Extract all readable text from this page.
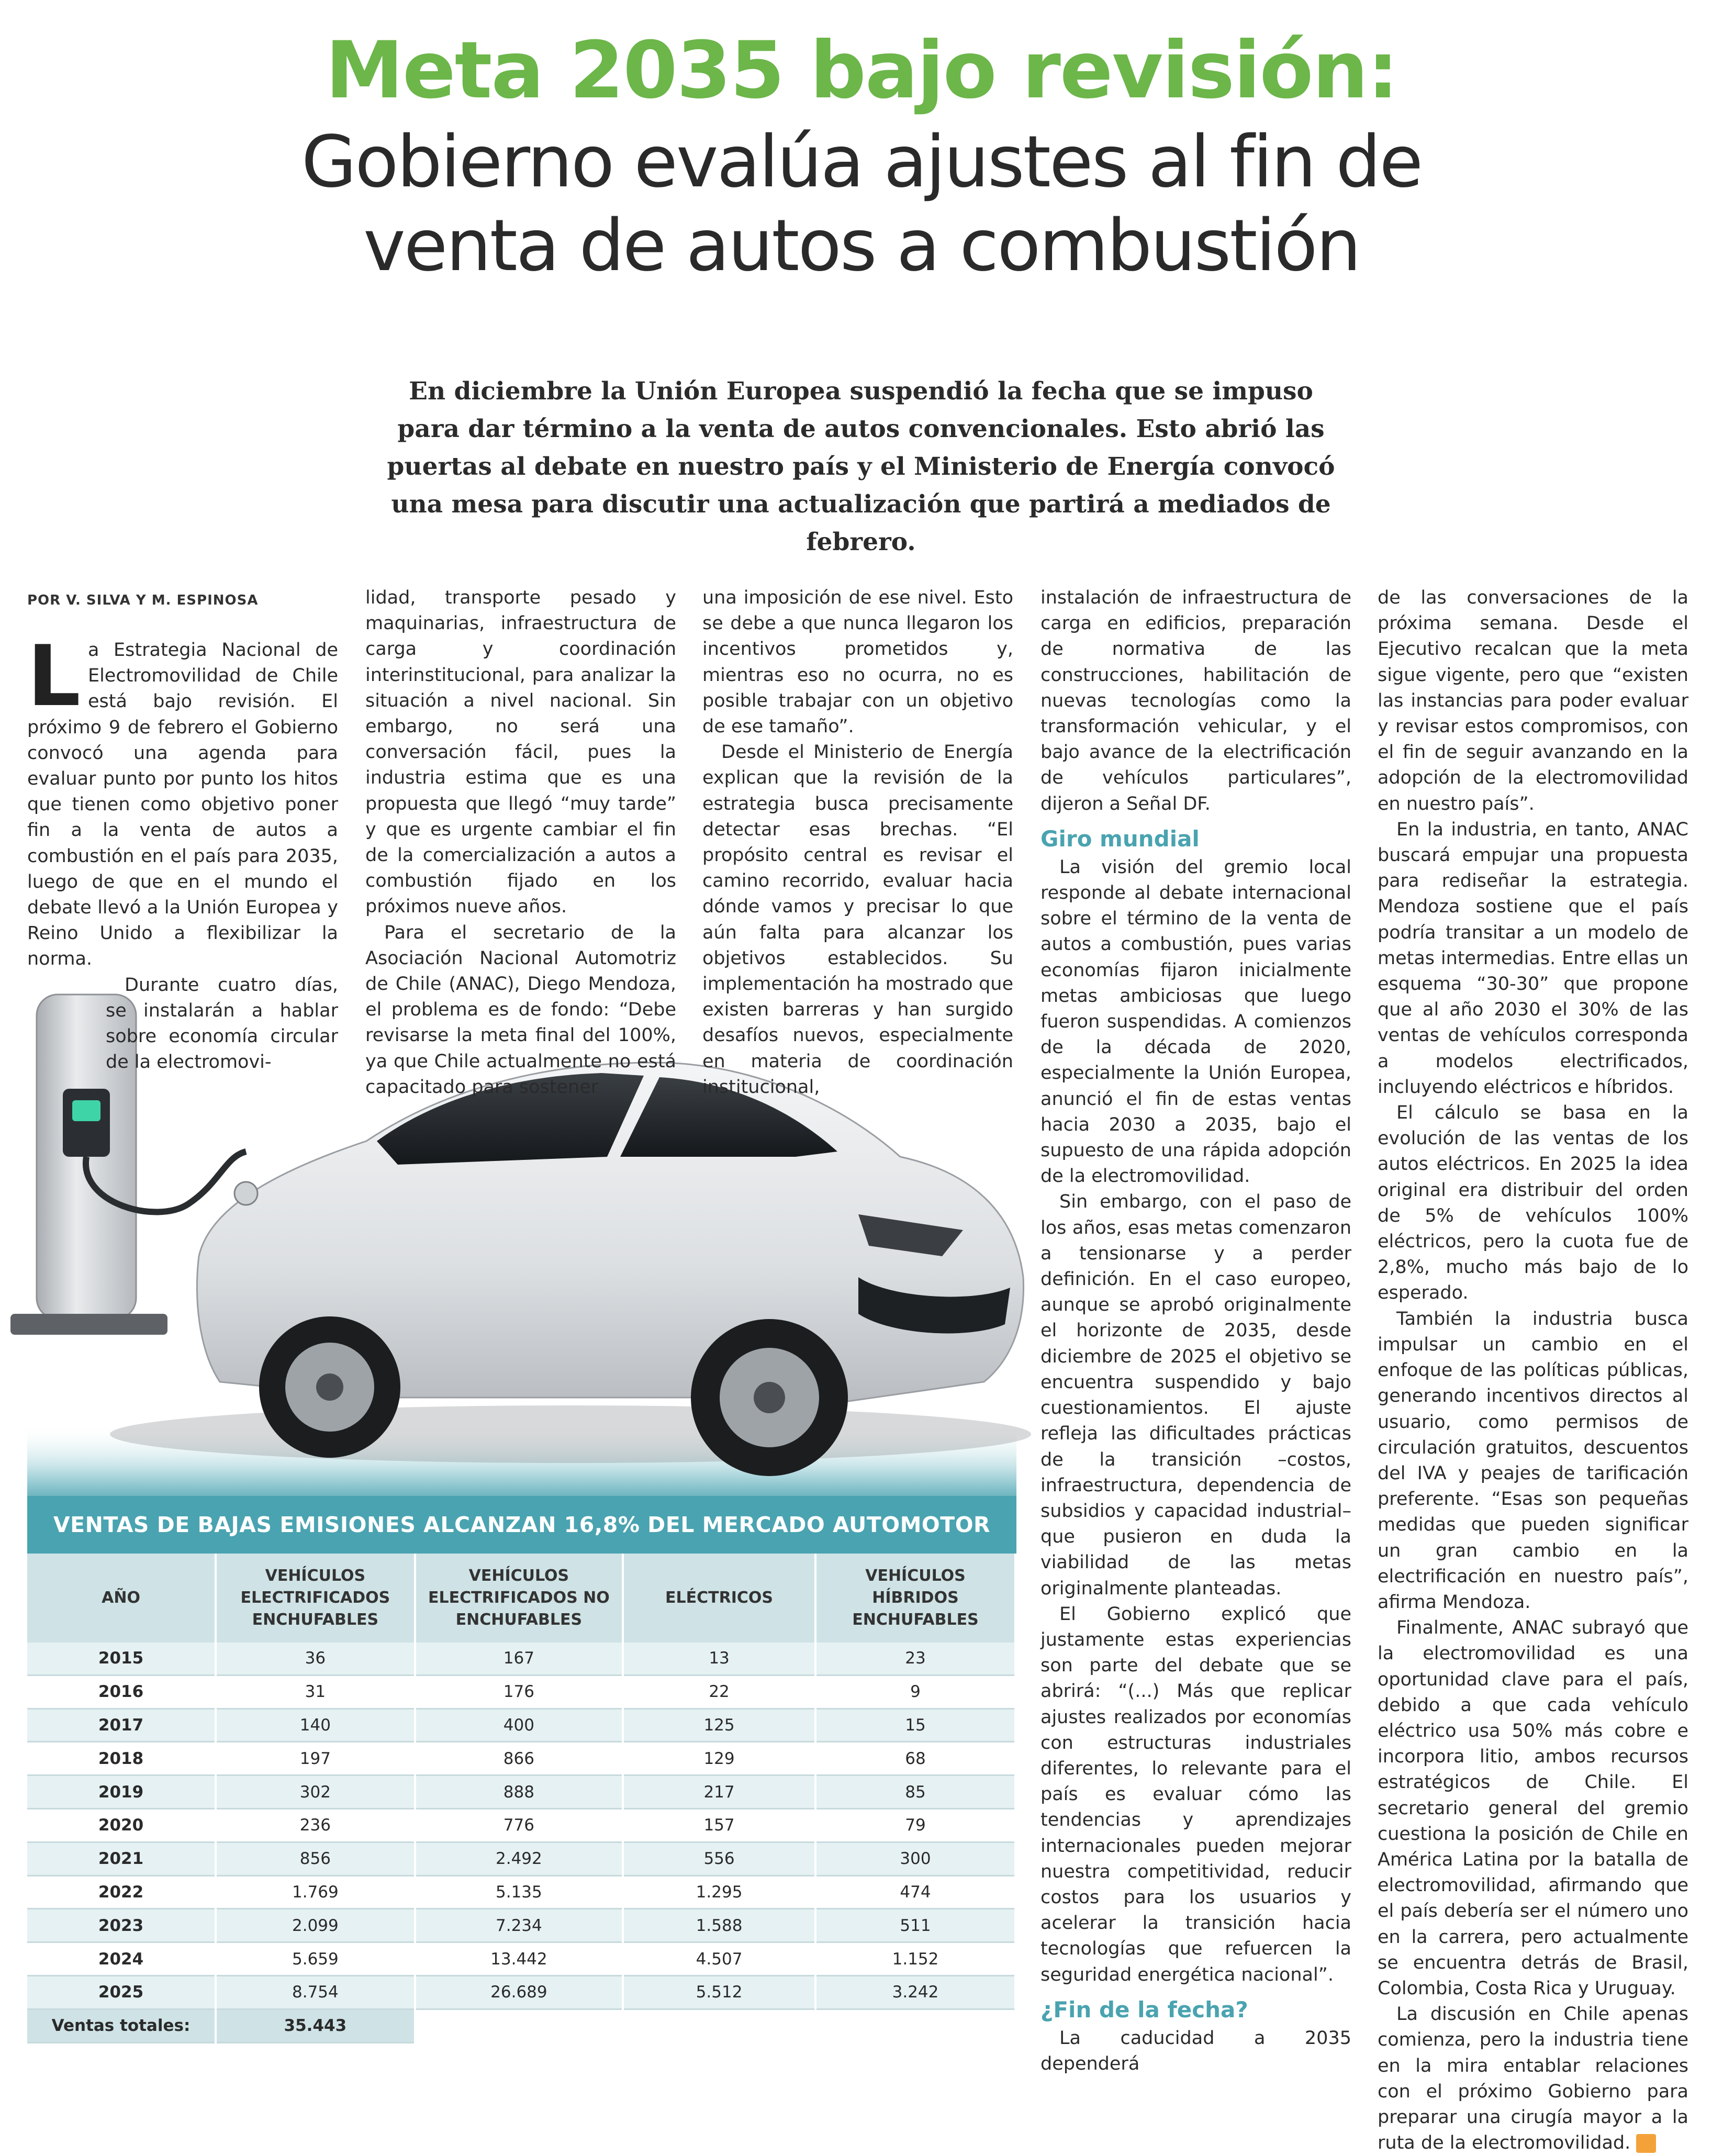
Meta 2035 bajo revisión:
Gobierno evalúa ajustes al fin de
venta de autos a combustión
En diciembre la Unión Europea suspendió la fecha que se impuso para dar término a la venta de autos convencionales. Esto abrió las puertas al debate en nuestro país y el Ministerio de Energía convocó una mesa para discutir una actualización que partirá a mediados de febrero.
POR V. SILVA Y M. ESPINOSA
L a Estrategia Nacional de Electromovilidad de Chile está bajo revisión. El próximo 9 de febrero el Gobierno convocó una agenda para evaluar punto por punto los hitos que tienen como objetivo poner fin a la venta de autos a combustión en el país para 2035, luego de que en el mundo el debate llevó a la Unión Europea y Reino Unido a flexibilizar la norma.

Durante cuatro días, se instalarán a hablar sobre economía circular de la electromovi-

lidad, transporte pesado y maquinarias, infraestructura de carga y coordinación interinstitucional, para analizar la situación a nivel nacional. Sin embargo, no será una conversación fácil, pues la industria estima que es una propuesta que llegó “muy tarde” y que es urgente cambiar el fin de la comercialización a autos a combustión fijado en los próximos nueve años.

Para el secretario de la Asociación Nacional Automotriz de Chile (ANAC), Diego Mendoza, el problema es de fondo: “Debe revisarse la meta final del 100%, ya que Chile actualmente no está capacitado para sostener

una imposición de ese nivel. Esto se debe a que nunca llegaron los incentivos prometidos y, mientras eso no ocurra, no es posible trabajar con un objetivo de ese tamaño”.

Desde el Ministerio de Energía explican que la revisión de la estrategia busca precisamente detectar esas brechas. “El propósito central es revisar el camino recorrido, evaluar hacia dónde vamos y precisar lo que aún falta para alcanzar los objetivos establecidos. Su implementación ha mostrado que existen barreras y han surgido desafíos nuevos, especialmente en materia de coordinación institucional,

instalación de infraestructura de carga en edificios, preparación de normativa de las construcciones, habilitación de nuevas tecnologías como la transformación vehicular, y el bajo avance de la electrificación de vehículos particulares”, dijeron a Señal DF.

Giro mundial

La visión del gremio local responde al debate internacional sobre el término de la venta de autos a combustión, pues varias economías fijaron inicialmente metas ambiciosas que luego fueron suspendidas. A comienzos de la década de 2020, especialmente la Unión Europea, anunció el fin de estas ventas hacia 2030 a 2035, bajo el supuesto de una rápida adopción de la electromovilidad.

Sin embargo, con el paso de los años, esas metas comenzaron a tensionarse y a perder definición. En el caso europeo, aunque se aprobó originalmente el horizonte de 2035, desde diciembre de 2025 el objetivo se encuentra suspendido y bajo cuestionamientos. El ajuste refleja las dificultades prácticas de la transición –costos, infraestructura, dependencia de subsidios y capacidad industrial– que pusieron en duda la viabilidad de las metas originalmente planteadas.

El Gobierno explicó que justamente estas experiencias son parte del debate que se abrirá: “(...) Más que replicar ajustes realizados por economías con estructuras industriales diferentes, lo relevante para el país es evaluar cómo las tendencias y aprendizajes internacionales pueden mejorar nuestra competitividad, reducir costos para los usuarios y acelerar la transición hacia tecnologías que refuercen la seguridad energética nacional”.

¿Fin de la fecha?

La caducidad a 2035 dependerá

de las conversaciones de la próxima semana. Desde el Ejecutivo recalcan que la meta sigue vigente, pero que “existen las instancias para poder evaluar y revisar estos compromisos, con el fin de seguir avanzando en la adopción de la electromovilidad en nuestro país”.

En la industria, en tanto, ANAC buscará empujar una propuesta para rediseñar la estrategia. Mendoza sostiene que el país podría transitar a un modelo de metas intermedias. Entre ellas un esquema “30-30” que propone que al año 2030 el 30% de las ventas de vehículos corresponda a modelos electrificados, incluyendo eléctricos e híbridos.

El cálculo se basa en la evolución de las ventas de los autos eléctricos. En 2025 la idea original era distribuir del orden de 5% de vehículos 100% eléctricos, pero la cuota fue de 2,8%, mucho más bajo de lo esperado.

También la industria busca impulsar un cambio en el enfoque de las políticas públicas, generando incentivos directos al usuario, como permisos de circulación gratuitos, descuentos del IVA y peajes de tarificación preferente. “Esas son pequeñas medidas que pueden significar un gran cambio en la electrificación en nuestro país”, afirma Mendoza.

Finalmente, ANAC subrayó que la electromovilidad es una oportunidad clave para el país, debido a que cada vehículo eléctrico usa 50% más cobre e incorpora litio, ambos recursos estratégicos de Chile. El secretario general del gremio cuestiona la posición de Chile en América Latina por la batalla de electromovilidad, afirmando que el país debería ser el número uno en la carrera, pero actualmente se encuentra detrás de Brasil, Colombia, Costa Rica y Uruguay.

La discusión en Chile apenas comienza, pero la industria tiene en la mira entablar relaciones con el próximo Gobierno para preparar una cirugía mayor a la ruta de la electromovilidad. S

VENTAS DE BAJAS EMISIONES ALCANZAN 16,8% DEL MERCADO AUTOMOTOR
AÑO	VEHÍCULOS ELECTRIFICADOS ENCHUFABLES	VEHÍCULOS ELECTRIFICADOS NO ENCHUFABLES	ELÉCTRICOS	VEHÍCULOS HÍBRIDOS ENCHUFABLES
2015	36	167	13	23
2016	31	176	22	9
2017	140	400	125	15
2018	197	866	129	68
2019	302	888	217	85
2020	236	776	157	79
2021	856	2.492	556	300
2022	1.769	5.135	1.295	474
2023	2.099	7.234	1.588	511
2024	5.659	13.442	4.507	1.152
2025	8.754	26.689	5.512	3.242
Ventas totales:	35.443			
